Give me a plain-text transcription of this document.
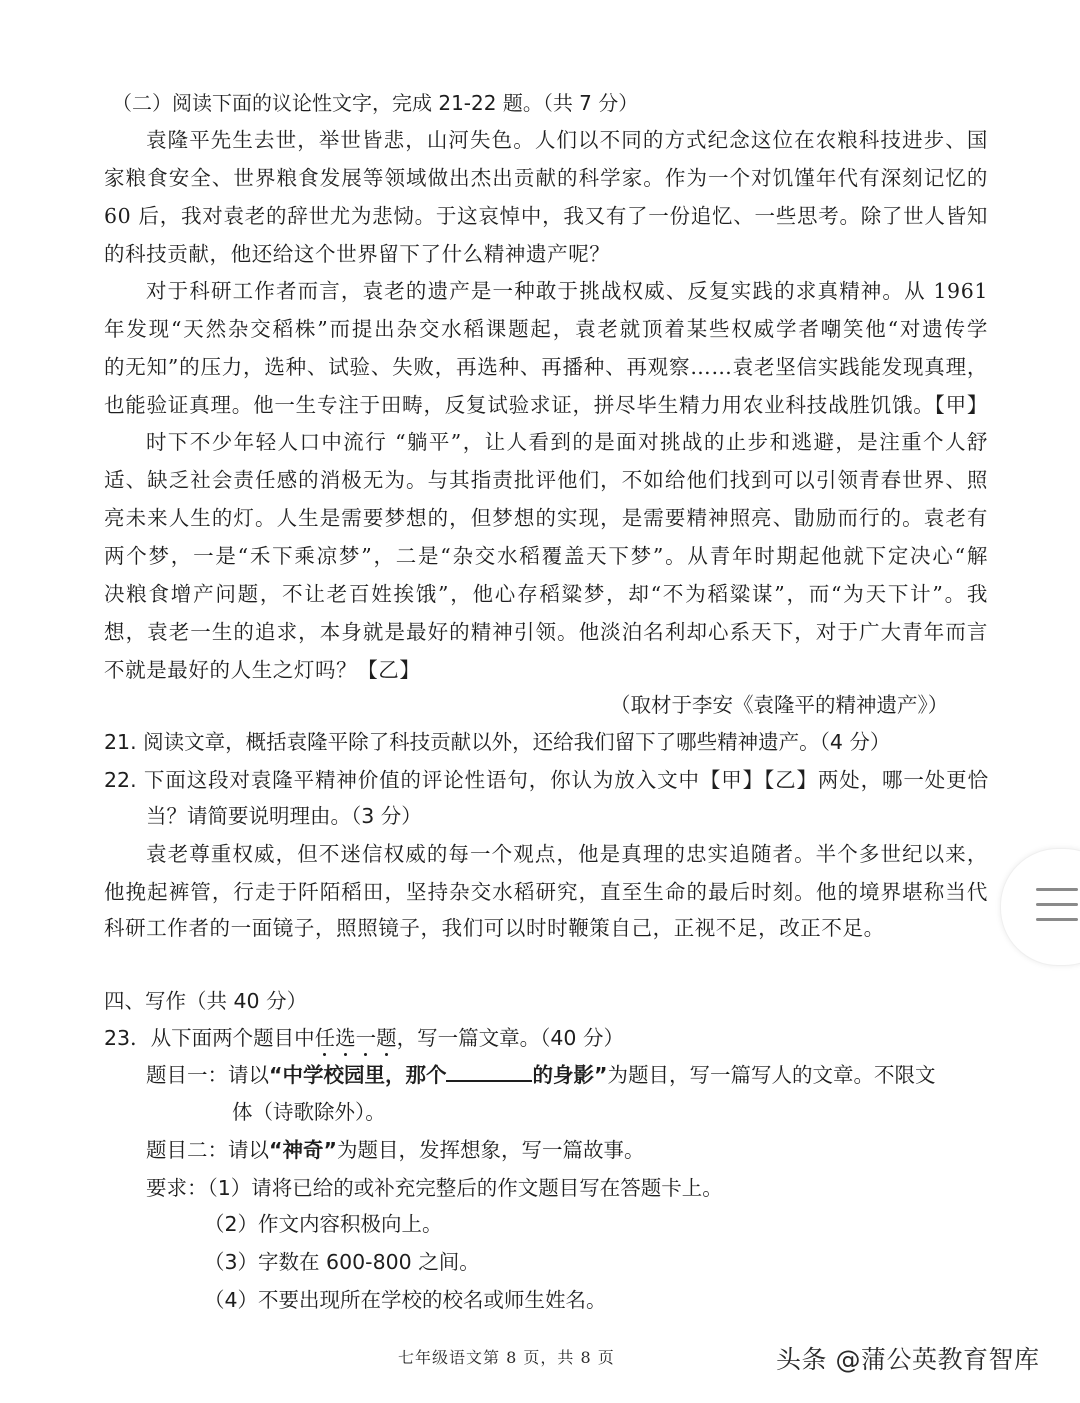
（二）阅读下面的议论性文字，完成 21-22 题。（共 7 分）
袁隆平先生去世，举世皆悲，山河失色。人们以不同的方式纪念这位在农粮科技进步、国
家粮食安全、世界粮食发展等领域做出杰出贡献的科学家。作为一个对饥馑年代有深刻记忆的
60 后，我对袁老的辞世尤为悲恸。于这哀悼中，我又有了一份追忆、一些思考。除了世人皆知
的科技贡献，他还给这个世界留下了什么精神遗产呢？
对于科研工作者而言，袁老的遗产是一种敢于挑战权威、反复实践的求真精神。从 1961
年发现“天然杂交稻株”而提出杂交水稻课题起，袁老就顶着某些权威学者嘲笑他“对遗传学
的无知”的压力，选种、试验、失败，再选种、再播种、再观察……袁老坚信实践能发现真理，
也能验证真理。他一生专注于田畴，反复试验求证，拼尽毕生精力用农业科技战胜饥饿。【甲】
时下不少年轻人口中流行 “躺平”，让人看到的是面对挑战的止步和逃避，是注重个人舒
适、缺乏社会责任感的消极无为。与其指责批评他们，不如给他们找到可以引领青春世界、照
亮未来人生的灯。人生是需要梦想的，但梦想的实现，是需要精神照亮、勖励而行的。袁老有
两个梦，一是“禾下乘凉梦”，二是“杂交水稻覆盖天下梦”。从青年时期起他就下定决心“解
决粮食增产问题，不让老百姓挨饿”，他心存稻粱梦，却“不为稻粱谋”，而“为天下计”。我
想，袁老一生的追求，本身就是最好的精神引领。他淡泊名利却心系天下，对于广大青年而言
不就是最好的人生之灯吗？【乙】
（取材于李安《袁隆平的精神遗产》）
21. 阅读文章，概括袁隆平除了科技贡献以外，还给我们留下了哪些精神遗产。（4 分）
22. 下面这段对袁隆平精神价值的评论性语句，你认为放入文中【甲】【乙】两处，哪一处更恰
当？请简要说明理由。（3 分）
袁老尊重权威，但不迷信权威的每一个观点，他是真理的忠实追随者。半个多世纪以来，
他挽起裤管，行走于阡陌稻田，坚持杂交水稻研究，直至生命的最后时刻。他的境界堪称当代
科研工作者的一面镜子，照照镜子，我们可以时时鞭策自己，正视不足，改正不足。
四、写作（共 40 分）
23．从下面两个题目中任选一题，写一篇文章。（40 分）
题目一：请以“中学校园里，那个	的身影”为题目，写一篇写人的文章。不限文
体（诗歌除外）。
题目二：请以“神奇”为题目，发挥想象，写一篇故事。
要求：（1）请将已给的或补充完整后的作文题目写在答题卡上。
（2）作文内容积极向上。
（3）字数在 600-800 之间。
（4）不要出现所在学校的校名或师生姓名。
七年级语文第 8 页，共 8 页	头条 @蒲公英教育智库
